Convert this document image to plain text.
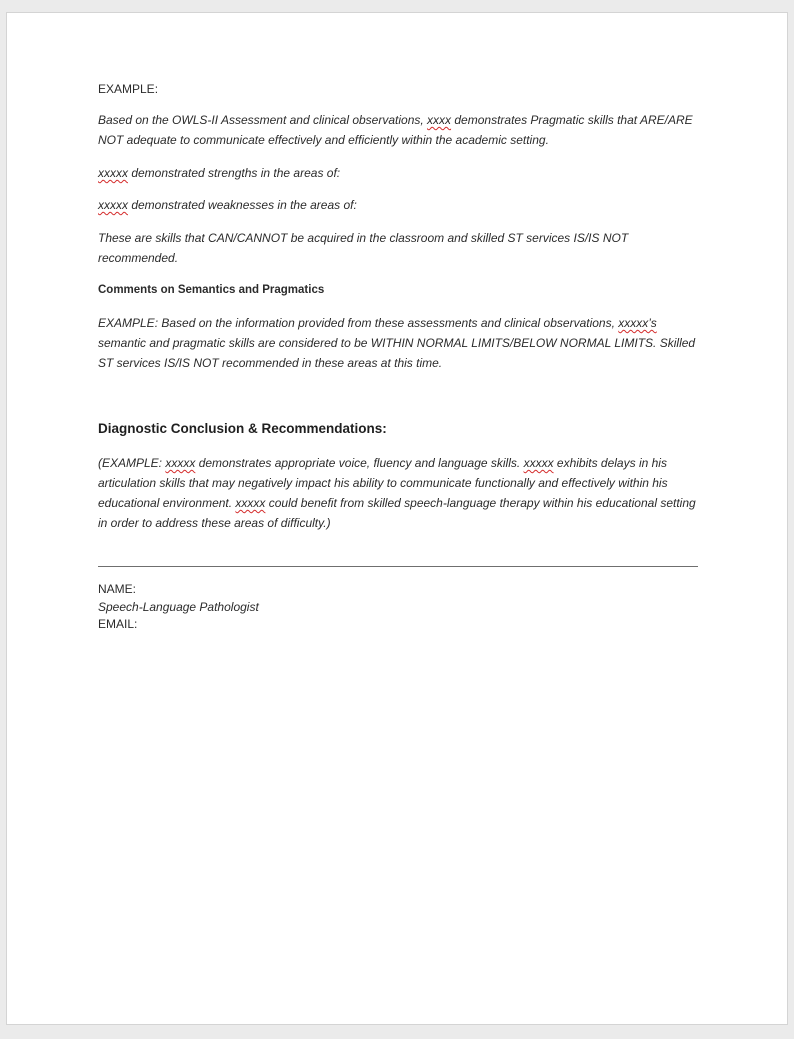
EXAMPLE:

Based on the OWLS-II Assessment and clinical observations, xxxx demonstrates Pragmatic skills that ARE/ARE NOT adequate to communicate effectively and efficiently within the academic setting.

xxxxx demonstrated strengths in the areas of:

xxxxx demonstrated weaknesses in the areas of:

These are skills that CAN/CANNOT be acquired in the classroom and skilled ST services IS/IS NOT recommended.

Comments on Semantics and Pragmatics

EXAMPLE: Based on the information provided from these assessments and clinical observations, xxxxx’s semantic and pragmatic skills are considered to be WITHIN NORMAL LIMITS/BELOW NORMAL LIMITS. Skilled ST services IS/IS NOT recommended in these areas at this time.

Diagnostic Conclusion & Recommendations:

(EXAMPLE: xxxxx demonstrates appropriate voice, fluency and language skills. xxxxx exhibits delays in his articulation skills that may negatively impact his ability to communicate functionally and effectively within his educational environment. xxxxx could benefit from skilled speech-language therapy within his educational setting in order to address these areas of difficulty.)

NAME:

Speech-Language Pathologist

EMAIL:
